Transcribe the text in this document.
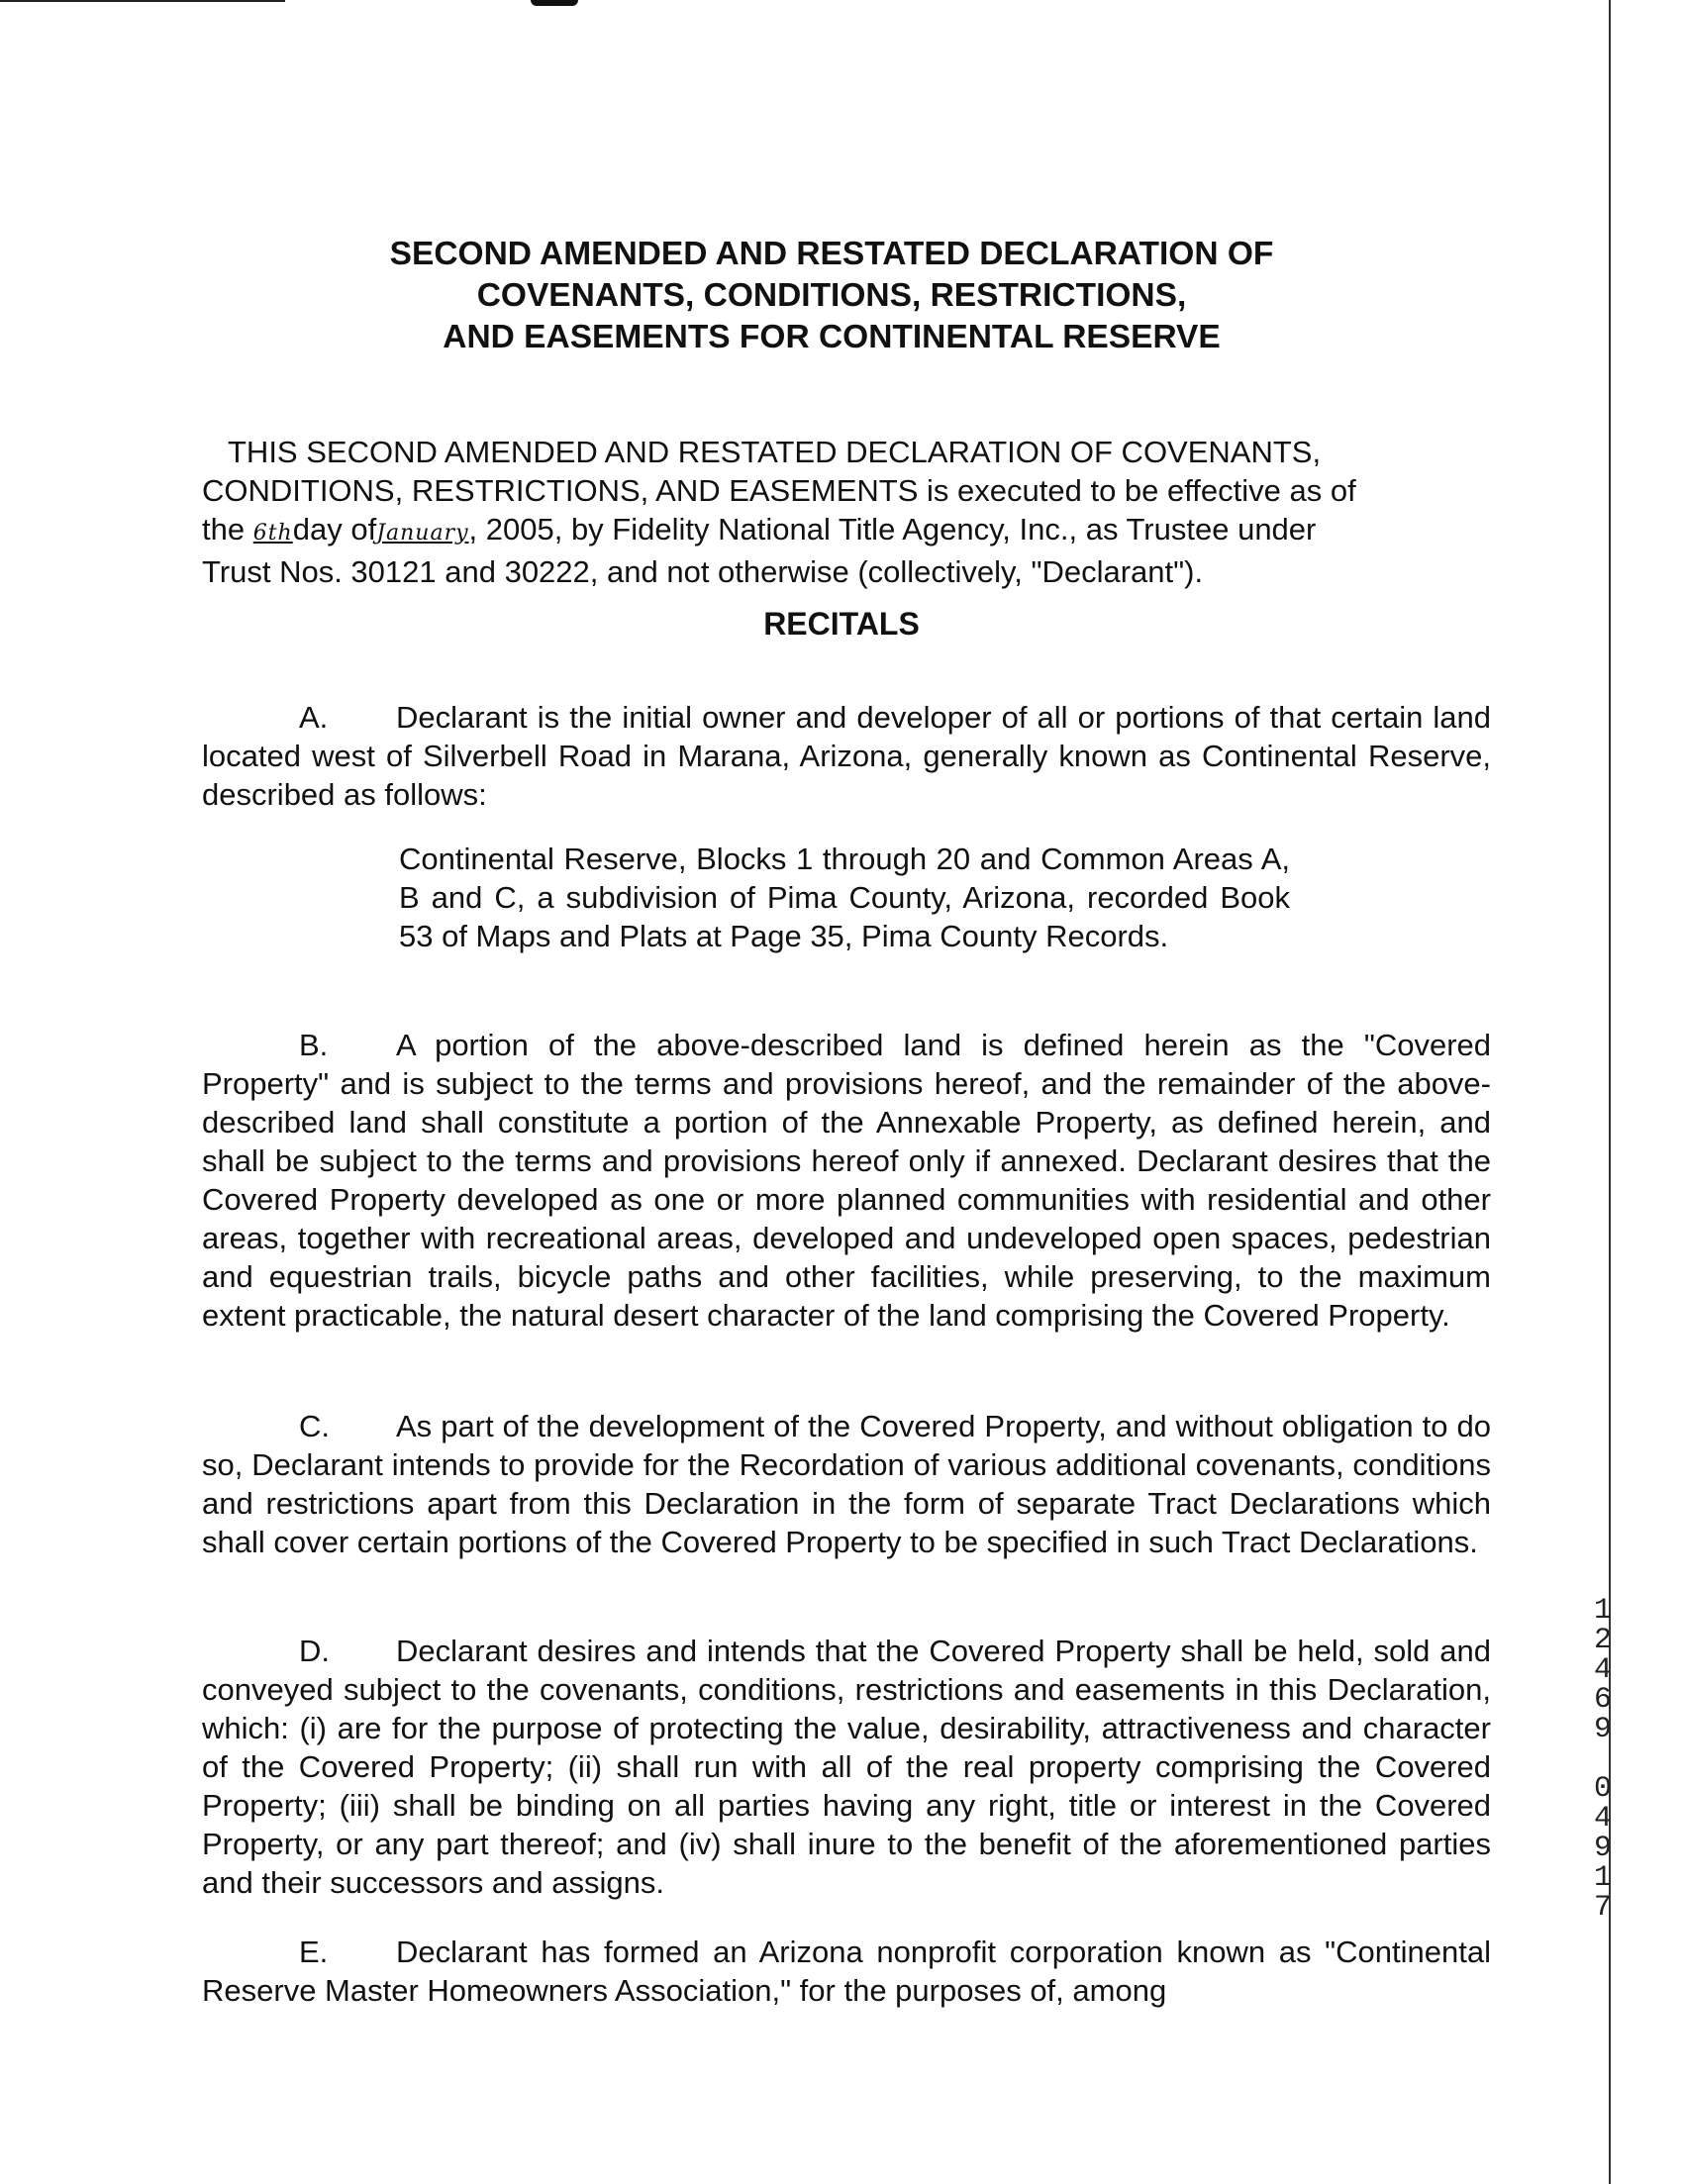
SECOND AMENDED AND RESTATED DECLARATION OF
COVENANTS, CONDITIONS, RESTRICTIONS,
AND EASEMENTS FOR CONTINENTAL RESERVE
THIS SECOND AMENDED AND RESTATED DECLARATION OF COVENANTS,
CONDITIONS, RESTRICTIONS, AND EASEMENTS is executed to be effective as of
the 6thday ofJanuary, 2005, by Fidelity National Title Agency, Inc., as Trustee under
Trust Nos. 30121 and 30222, and not otherwise (collectively, "Declarant").
RECITALS
A. Declarant is the initial owner and developer of all or portions of that certain land located west of Silverbell Road in Marana, Arizona, generally known as Continental Reserve, described as follows:
Continental Reserve, Blocks 1 through 20 and Common Areas A, B and C, a subdivision of Pima County, Arizona, recorded Book 53 of Maps and Plats at Page 35, Pima County Records.
B. A portion of the above-described land is defined herein as the "Covered Property" and is subject to the terms and provisions hereof, and the remainder of the above-described land shall constitute a portion of the Annexable Property, as defined herein, and shall be subject to the terms and provisions hereof only if annexed. Declarant desires that the Covered Property developed as one or more planned communities with residential and other areas, together with recreational areas, developed and undeveloped open spaces, pedestrian and equestrian trails, bicycle paths and other facilities, while preserving, to the maximum extent practicable, the natural desert character of the land comprising the Covered Property.
C. As part of the development of the Covered Property, and without obligation to do so, Declarant intends to provide for the Recordation of various additional covenants, conditions and restrictions apart from this Declaration in the form of separate Tract Declarations which shall cover certain portions of the Covered Property to be specified in such Tract Declarations.
D. Declarant desires and intends that the Covered Property shall be held, sold and conveyed subject to the covenants, conditions, restrictions and easements in this Declaration, which: (i) are for the purpose of protecting the value, desirability, attractiveness and character of the Covered Property; (ii) shall run with all of the real property comprising the Covered Property; (iii) shall be binding on all parties having any right, title or interest in the Covered Property, or any part thereof; and (iv) shall inure to the benefit of the aforementioned parties and their successors and assigns.
E. Declarant has formed an Arizona nonprofit corporation known as "Continental Reserve Master Homeowners Association," for the purposes of, among
1
2
4
6
9
0
4
9
1
7
